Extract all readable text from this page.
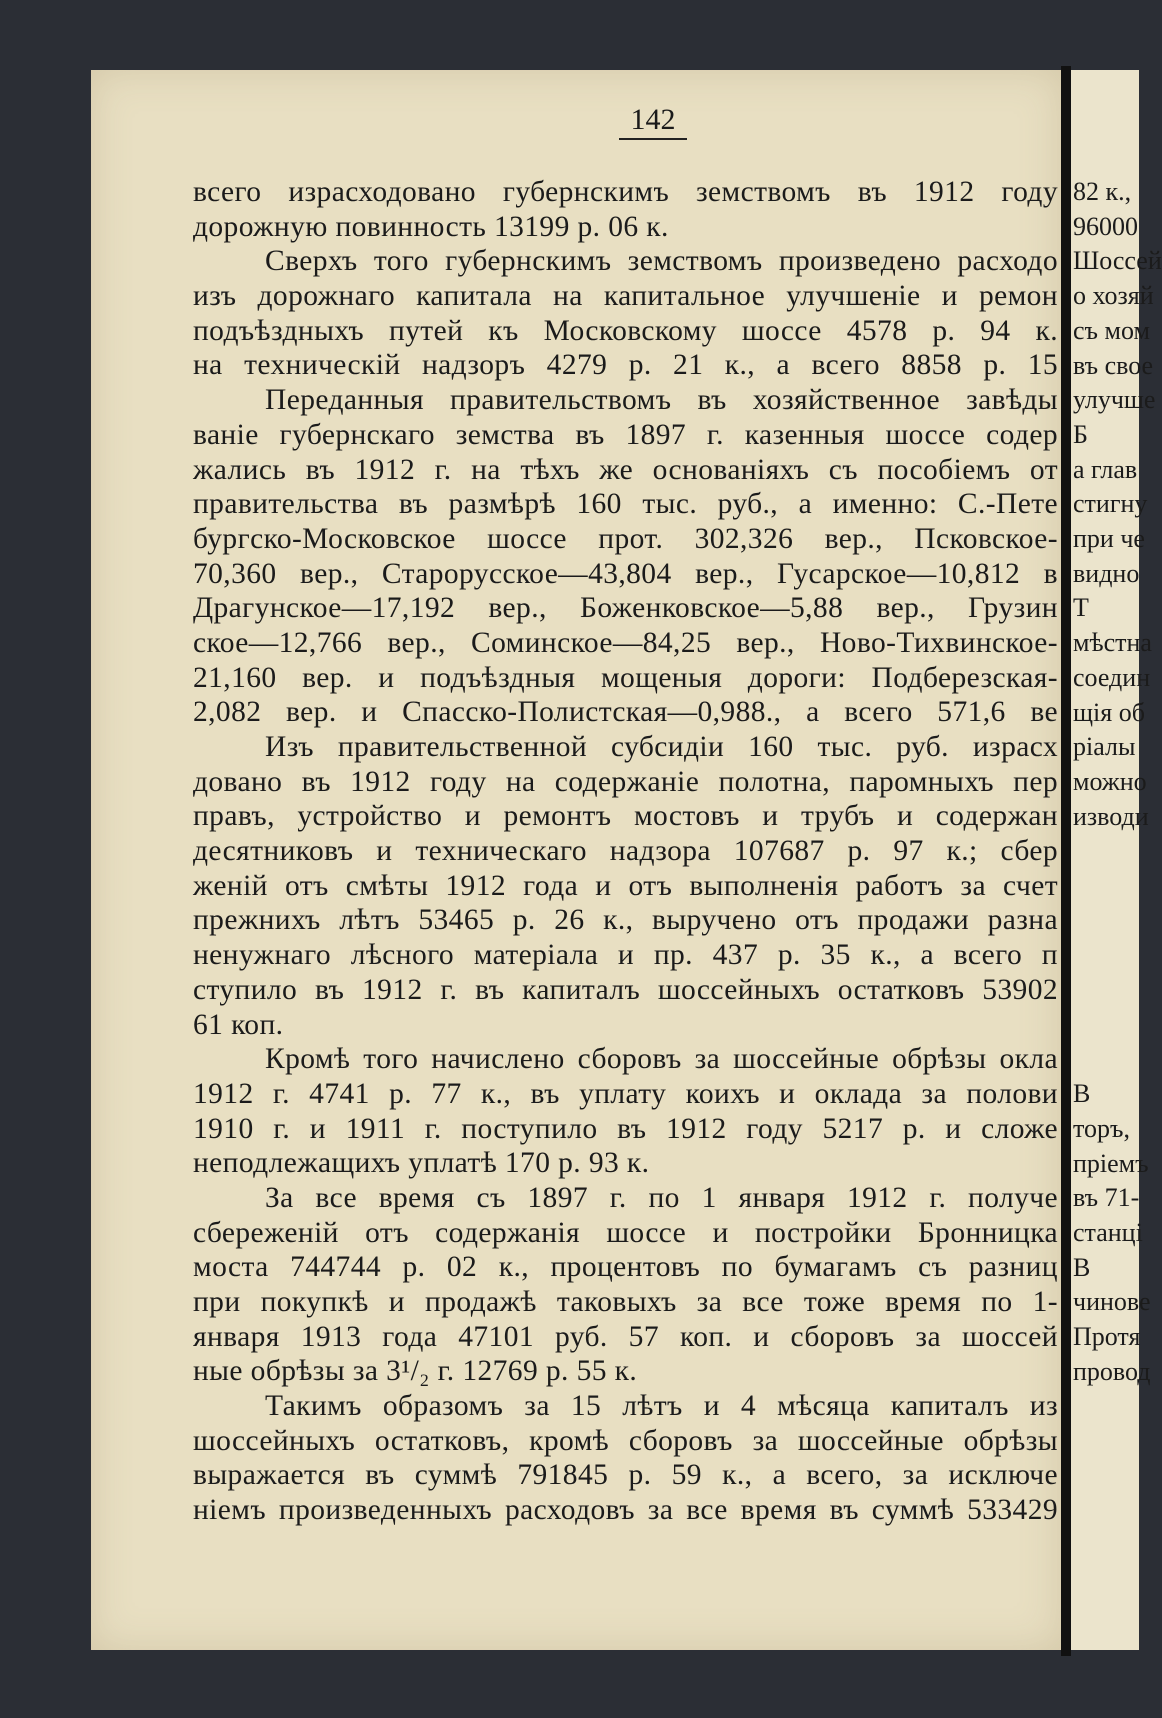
142
всего израсходовано губернскимъ земствомъ въ 1912 году
дорожную повинность 13199 р. 06 к.
Сверхъ того губернскимъ земствомъ произведено расходо
изъ дорожнаго капитала на капитальное улучшеніе и ремон
подъѣздныхъ путей къ Московскому шоссе 4578 р. 94 к.
на техническій надзоръ 4279 р. 21 к., а всего 8858 р. 15
Переданныя правительствомъ въ хозяйственное завѣды
ваніе губернскаго земства въ 1897 г. казенныя шоссе содер
жались въ 1912 г. на тѣхъ же основаніяхъ съ пособіемъ от
правительства въ размѣрѣ 160 тыс. руб., а именно: С.-Пете
бургско-Московское шоссе прот. 302,326 вер., Псковское-
70,360 вер., Старорусское—43,804 вер., Гусарское—10,812 в
Драгунское—17,192 вер., Боженковское—5,88 вер., Грузин
ское—12,766 вер., Соминское—84,25 вер., Ново-Тихвинское-
21,160 вер. и подъѣздныя мощеныя дороги: Подберезская-
2,082 вер. и Спасско-Полистская—0,988., а всего 571,6 ве
Изъ правительственной субсидіи 160 тыс. руб. израсх
довано въ 1912 году на содержаніе полотна, паромныхъ пер
правъ, устройство и ремонтъ мостовъ и трубъ и содержан
десятниковъ и техническаго надзора 107687 р. 97 к.; сбер
женій отъ смѣты 1912 года и отъ выполненія работъ за счет
прежнихъ лѣтъ 53465 р. 26 к., выручено отъ продажи разна
ненужнаго лѣсного матеріала и пр. 437 р. 35 к., а всего п
ступило въ 1912 г. въ капиталъ шоссейныхъ остатковъ 53902
61 коп.
Кромѣ того начислено сборовъ за шоссейные обрѣзы окла
1912 г. 4741 р. 77 к., въ уплату коихъ и оклада за полови
1910 г. и 1911 г. поступило въ 1912 году 5217 р. и сложе
неподлежащихъ уплатѣ 170 р. 93 к.
За все время съ 1897 г. по 1 января 1912 г. получе
сбереженій отъ содержанія шоссе и постройки Бронницка
моста 744744 р. 02 к., процентовъ по бумагамъ съ разниц
при покупкѣ и продажѣ таковыхъ за все тоже время по 1-
января 1913 года 47101 руб. 57 коп. и сборовъ за шоссей
ные обрѣзы за 3¹/₂ г. 12769 р. 55 к.
Такимъ образомъ за 15 лѣтъ и 4 мѣсяца капиталъ из
шоссейныхъ остатковъ, кромѣ сборовъ за шоссейные обрѣзы
выражается въ суммѣ 791845 р. 59 к., а всего, за исключе
ніемъ произведенныхъ расходовъ за все время въ суммѣ 533429
82 к.,
96000
Шоссей
о хозяй
съ мом
въ свое
улучше
Б
а глав
стигну
при че
видно
Т
мѣстна
соедин
щія об
ріалы
можно
изводи
В
торъ,
пріемъ
въ 71-
станці
В
чинове
Протя
провод
